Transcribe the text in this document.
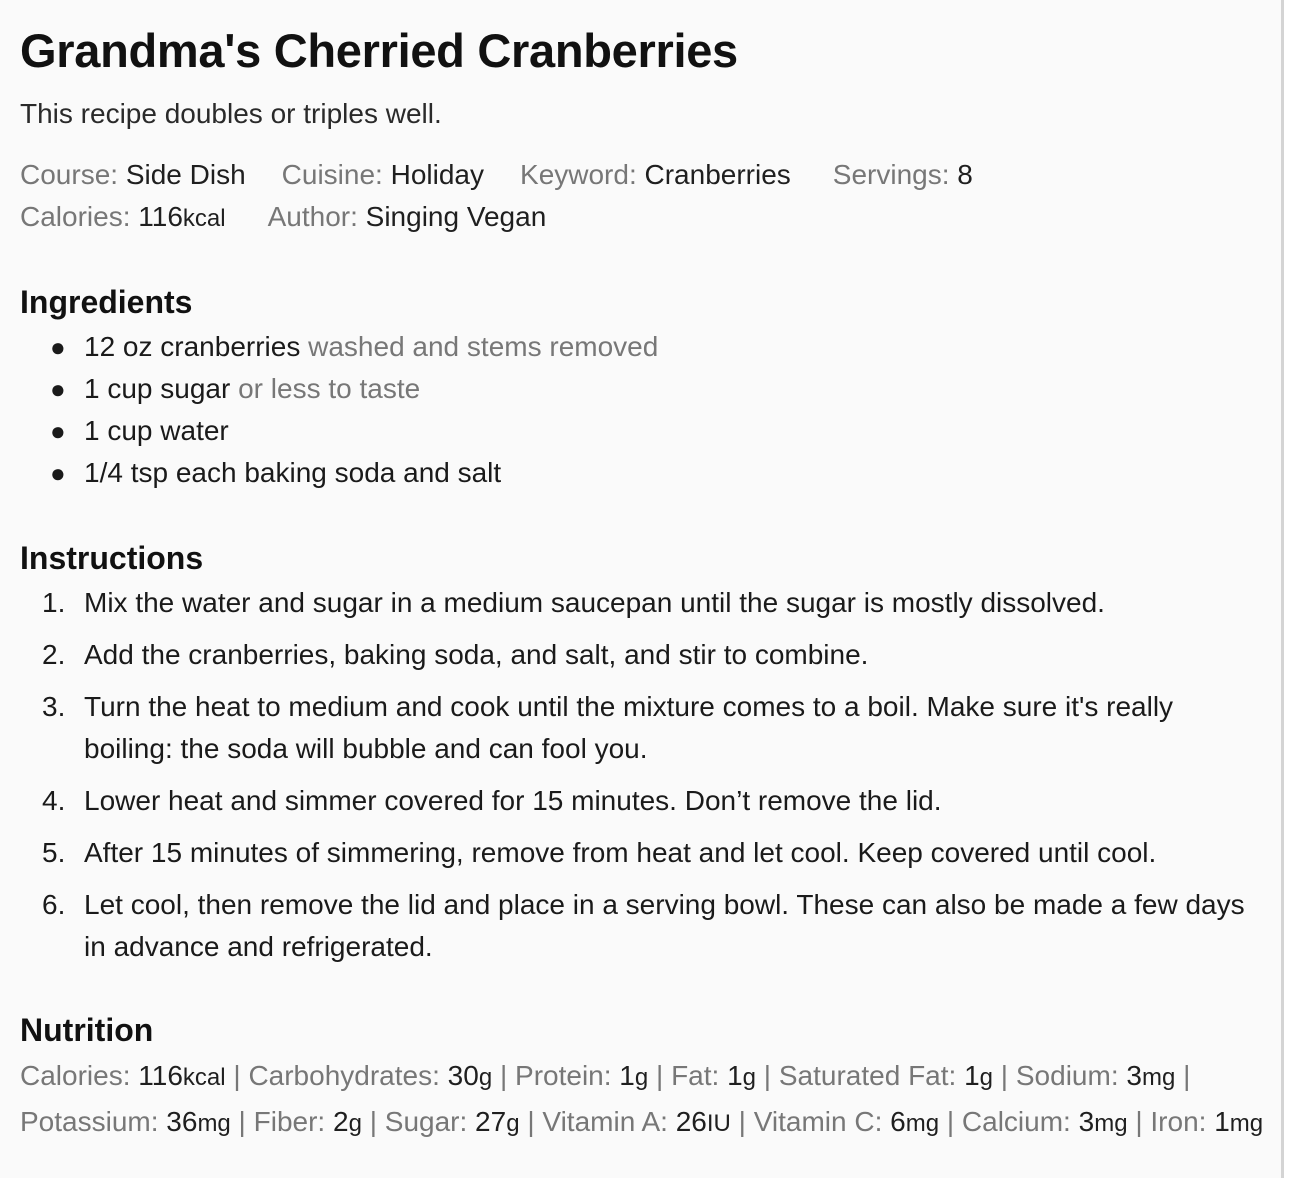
Grandma's Cherried Cranberries

This recipe doubles or triples well.

Course: Side Dish Cuisine: Holiday Keyword: Cranberries Servings: 8
Calories: 116kcal Author: Singing Vegan
Ingredients
● 12 oz cranberries washed and stems removed
● 1 cup sugar or less to taste
● 1 cup water
● 1/4 tsp each baking soda and salt
Instructions
1. Mix the water and sugar in a medium saucepan until the sugar is mostly dissolved.
2. Add the cranberries, baking soda, and salt, and stir to combine.
3. Turn the heat to medium and cook until the mixture comes to a boil. Make sure it's really boiling: the soda will bubble and can fool you.
4. Lower heat and simmer covered for 15 minutes. Don’t remove the lid.
5. After 15 minutes of simmering, remove from heat and let cool. Keep covered until cool.
6. Let cool, then remove the lid and place in a serving bowl. These can also be made a few days in advance and refrigerated.
Nutrition
Calories: 116kcal | Carbohydrates: 30g | Protein: 1g | Fat: 1g | Saturated Fat: 1g | Sodium: 3mg | Potassium: 36mg | Fiber: 2g | Sugar: 27g | Vitamin A: 26IU | Vitamin C: 6mg | Calcium: 3mg | Iron: 1mg
